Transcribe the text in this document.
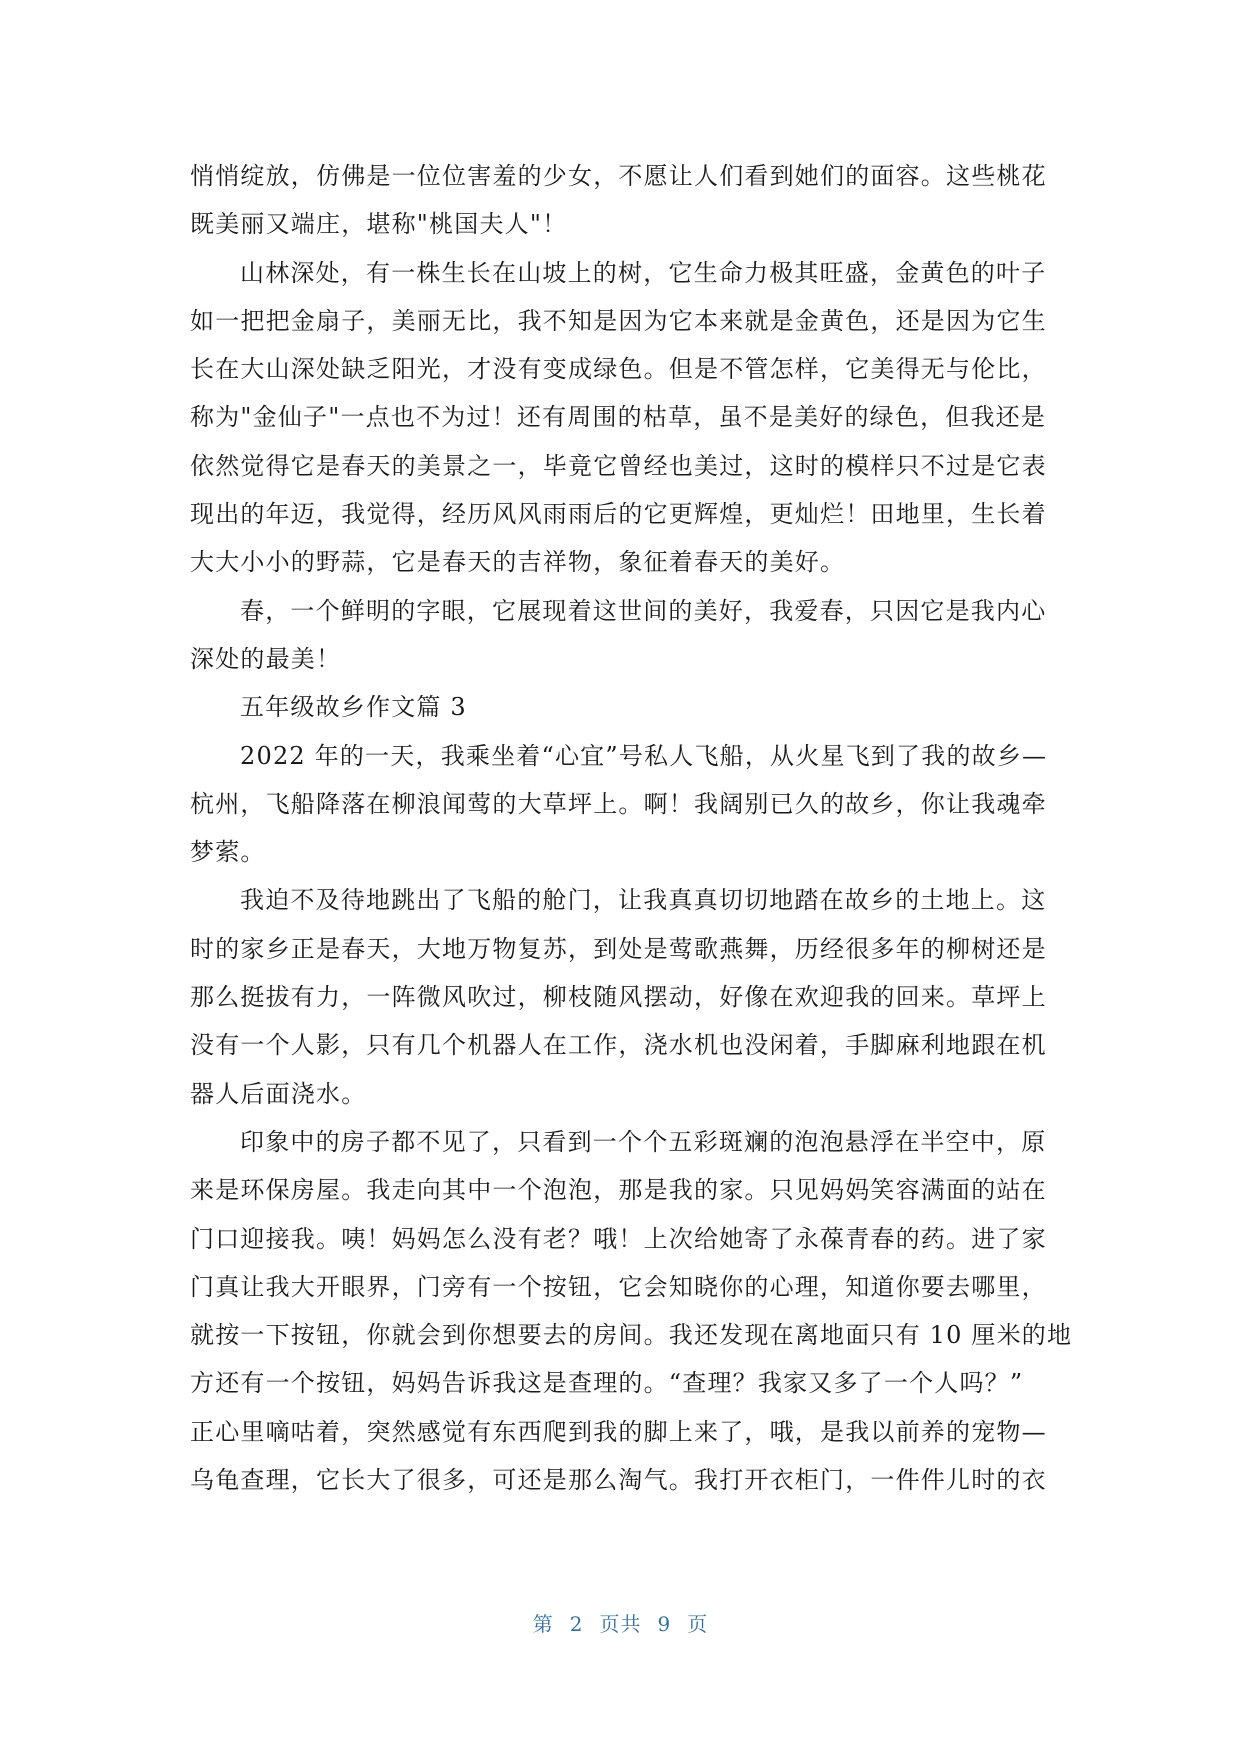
悄悄绽放，仿佛是一位位害羞的少女，不愿让人们看到她们的面容。这些桃花
既美丽又端庄，堪称"桃国夫人"！
山林深处，有一株生长在山坡上的树，它生命力极其旺盛，金黄色的叶子
如一把把金扇子，美丽无比，我不知是因为它本来就是金黄色，还是因为它生
长在大山深处缺乏阳光，才没有变成绿色。但是不管怎样，它美得无与伦比，
称为"金仙子"一点也不为过！还有周围的枯草，虽不是美好的绿色，但我还是
依然觉得它是春天的美景之一，毕竟它曾经也美过，这时的模样只不过是它表
现出的年迈，我觉得，经历风风雨雨后的它更辉煌，更灿烂！田地里，生长着
大大小小的野蒜，它是春天的吉祥物，象征着春天的美好。
春，一个鲜明的字眼，它展现着这世间的美好，我爱春，只因它是我内心
深处的最美！
五年级故乡作文篇 3
2022 年的一天，我乘坐着“心宜”号私人飞船，从火星飞到了我的故乡—
杭州，飞船降落在柳浪闻莺的大草坪上。啊！我阔别已久的故乡，你让我魂牵
梦萦。
我迫不及待地跳出了飞船的舱门，让我真真切切地踏在故乡的土地上。这
时的家乡正是春天，大地万物复苏，到处是莺歌燕舞，历经很多年的柳树还是
那么挺拔有力，一阵微风吹过，柳枝随风摆动，好像在欢迎我的回来。草坪上
没有一个人影，只有几个机器人在工作，浇水机也没闲着，手脚麻利地跟在机
器人后面浇水。
印象中的房子都不见了，只看到一个个五彩斑斓的泡泡悬浮在半空中，原
来是环保房屋。我走向其中一个泡泡，那是我的家。只见妈妈笑容满面的站在
门口迎接我。咦！妈妈怎么没有老？哦！上次给她寄了永葆青春的药。进了家
门真让我大开眼界，门旁有一个按钮，它会知晓你的心理，知道你要去哪里，
就按一下按钮，你就会到你想要去的房间。我还发现在离地面只有 10 厘米的地
方还有一个按钮，妈妈告诉我这是查理的。“查理？我家又多了一个人吗？”
正心里嘀咕着，突然感觉有东西爬到我的脚上来了，哦，是我以前养的宠物—
乌龟查理，它长大了很多，可还是那么淘气。我打开衣柜门，一件件儿时的衣
第 2 页共 9 页
